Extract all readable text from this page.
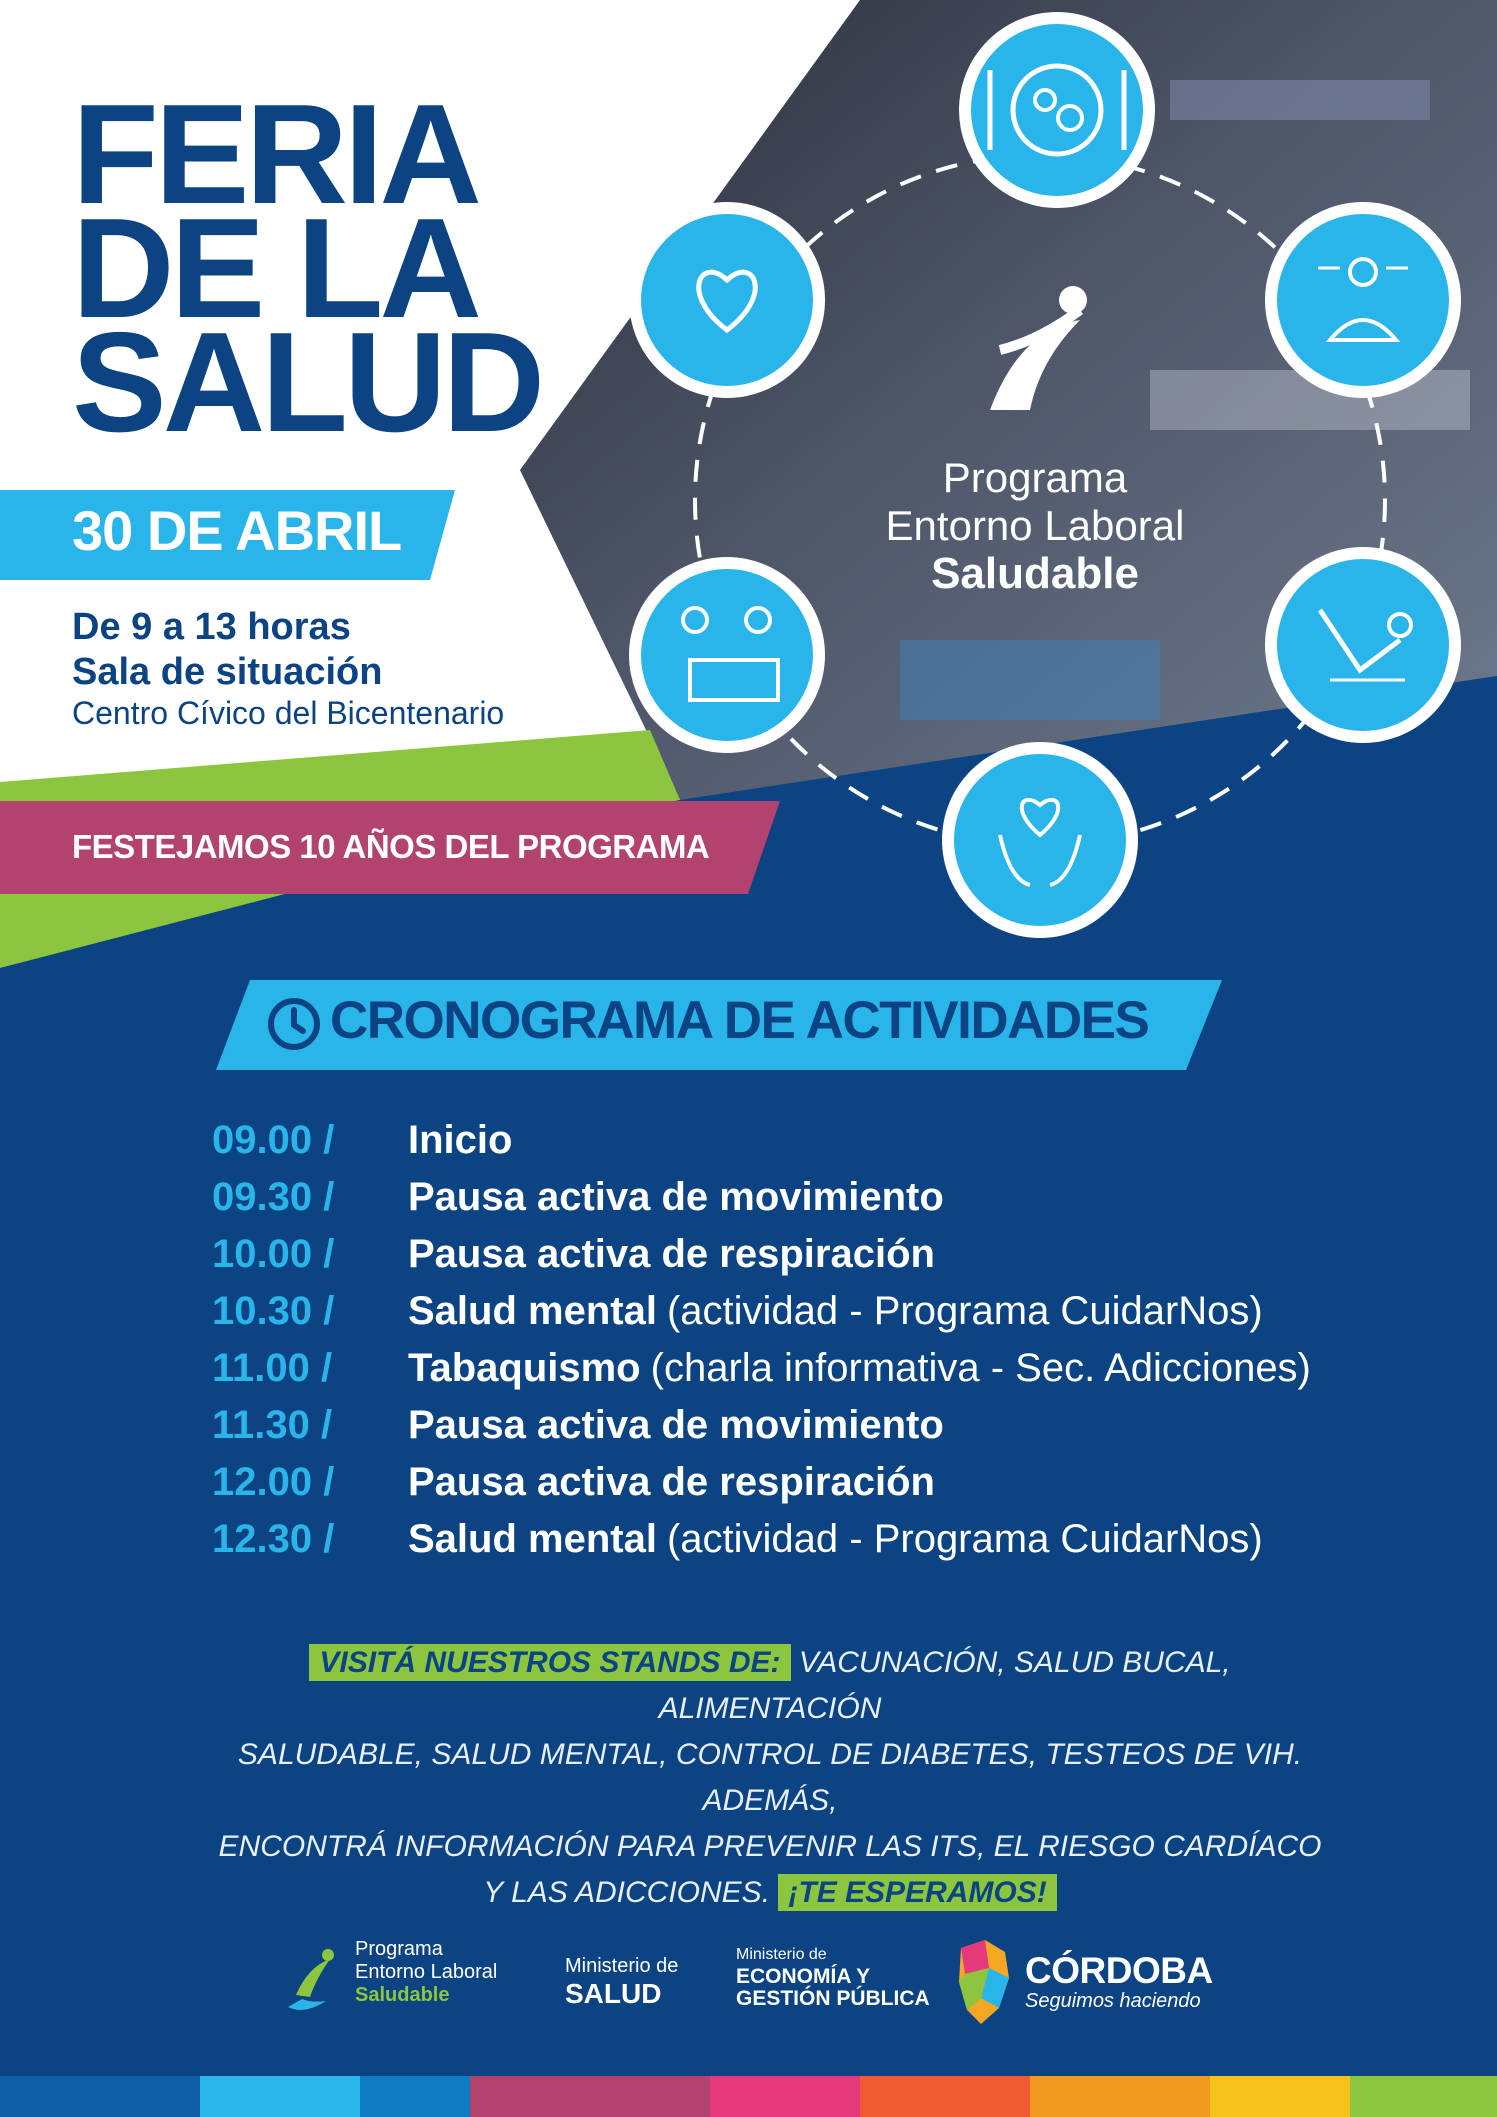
FERIA
DE LA
SALUD
30 DE ABRIL
De 9 a 13 horas
Sala de situación
Centro Cívico del Bicentenario
FESTEJAMOS 10 AÑOS DEL PROGRAMA
Programa
Entorno Laboral
Saludable
CRONOGRAMA DE ACTIVIDADES
09.00 /	Inicio
09.30 /	Pausa activa de movimiento
10.00 /	Pausa activa de respiración
10.30 /	Salud mental (actividad - Programa CuidarNos)
11.00 /	Tabaquismo (charla informativa - Sec. Adicciones)
11.30 /	Pausa activa de movimiento
12.00 /	Pausa activa de respiración
12.30 /	Salud mental (actividad - Programa CuidarNos)
VISITÁ NUESTROS STANDS DE: VACUNACIÓN, SALUD BUCAL, ALIMENTACIÓN
SALUDABLE, SALUD MENTAL, CONTROL DE DIABETES, TESTEOS DE VIH. ADEMÁS,
ENCONTRÁ INFORMACIÓN PARA PREVENIR LAS ITS, EL RIESGO CARDÍACO
Y LAS ADICCIONES. ¡TE ESPERAMOS!
Programa
Entorno Laboral
Saludable
Ministerio de
SALUD
Ministerio de
ECONOMÍA Y
GESTIÓN PÚBLICA
CÓRDOBA
Seguimos haciendo
